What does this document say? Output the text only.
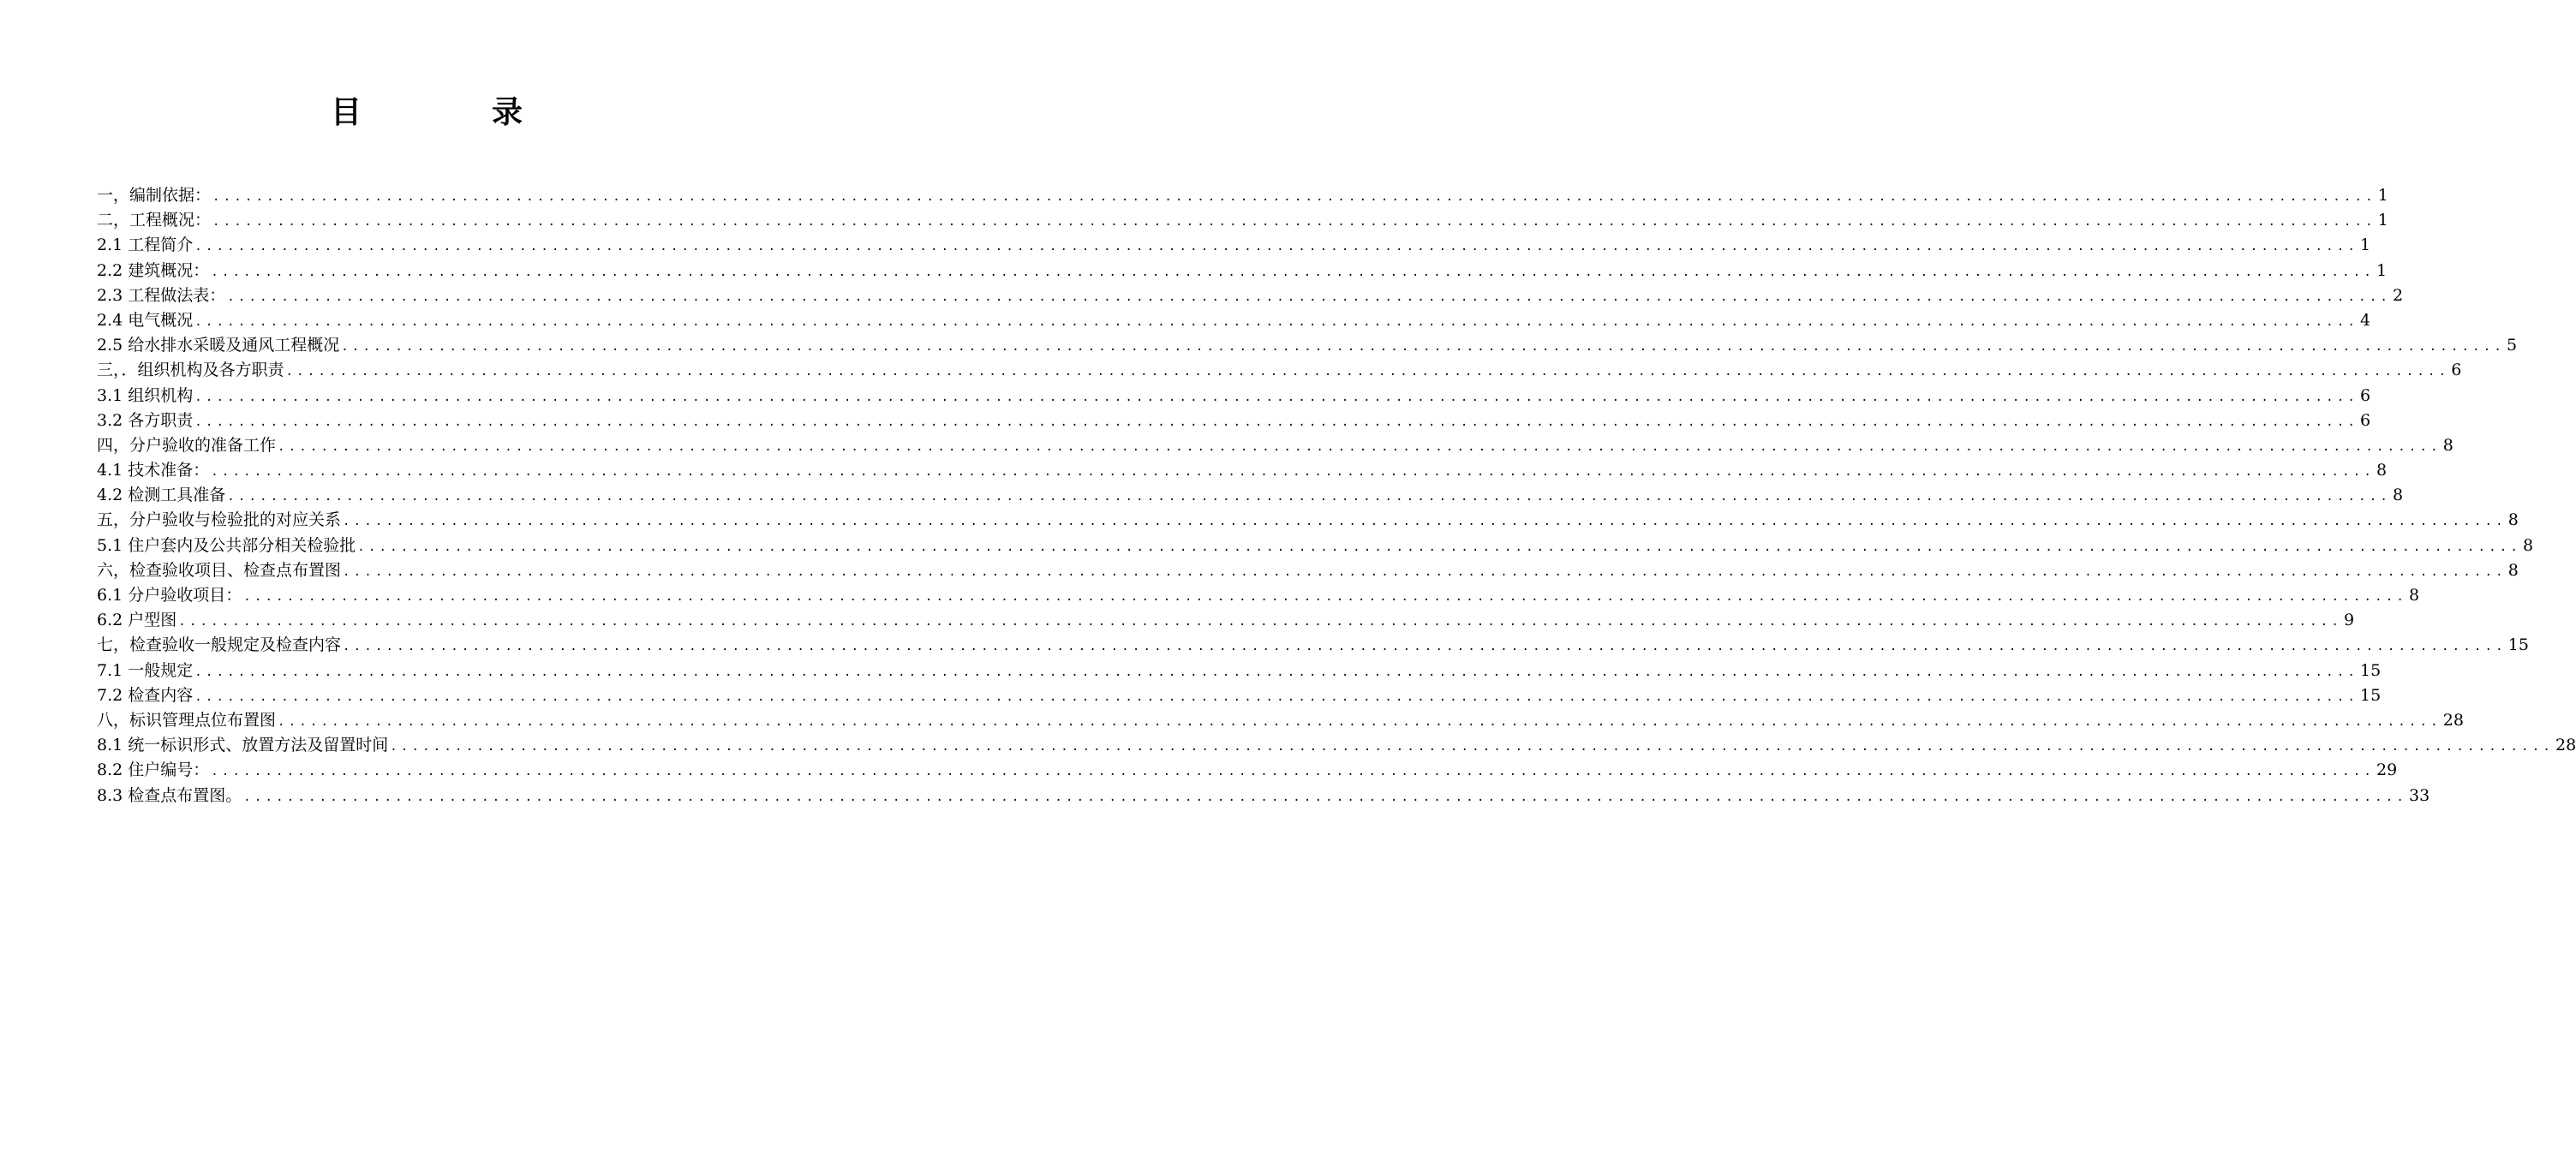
目	录
一，编制依据： ........................................................................................................................................................................................................ 1
二，工程概况： ........................................................................................................................................................................................................ 1
2.1 工程简介 ........................................................................................................................................................................................................ 1
2.2 建筑概况： ........................................................................................................................................................................................................ 1
2.3 工程做法表： ........................................................................................................................................................................................................ 2
2.4 电气概况 ........................................................................................................................................................................................................ 4
2.5 给水排水采暖及通风工程概况 ........................................................................................................................................................................................................ 5
三，．组织机构及各方职责 ........................................................................................................................................................................................................ 6
3.1 组织机构 ........................................................................................................................................................................................................ 6
3.2 各方职责 ........................................................................................................................................................................................................ 6
四，分户验收的准备工作 ........................................................................................................................................................................................................ 8
4.1 技术准备： ........................................................................................................................................................................................................ 8
4.2 检测工具准备 ........................................................................................................................................................................................................ 8
五，分户验收与检验批的对应关系 ........................................................................................................................................................................................................ 8
5.1 住户套内及公共部分相关检验批 ........................................................................................................................................................................................................ 8
六，检查验收项目、检查点布置图 ........................................................................................................................................................................................................ 8
6.1 分户验收项目： ........................................................................................................................................................................................................ 8
6.2 户型图 ........................................................................................................................................................................................................ 9
七，检查验收一般规定及检查内容 ........................................................................................................................................................................................................ 15
7.1 一般规定 ........................................................................................................................................................................................................ 15
7.2 检查内容 ........................................................................................................................................................................................................ 15
八，标识管理点位布置图 ........................................................................................................................................................................................................ 28
8.1 统一标识形式、放置方法及留置时间 ........................................................................................................................................................................................................ 28
8.2 住户编号： ........................................................................................................................................................................................................ 29
8.3 检查点布置图。 ........................................................................................................................................................................................................ 33
